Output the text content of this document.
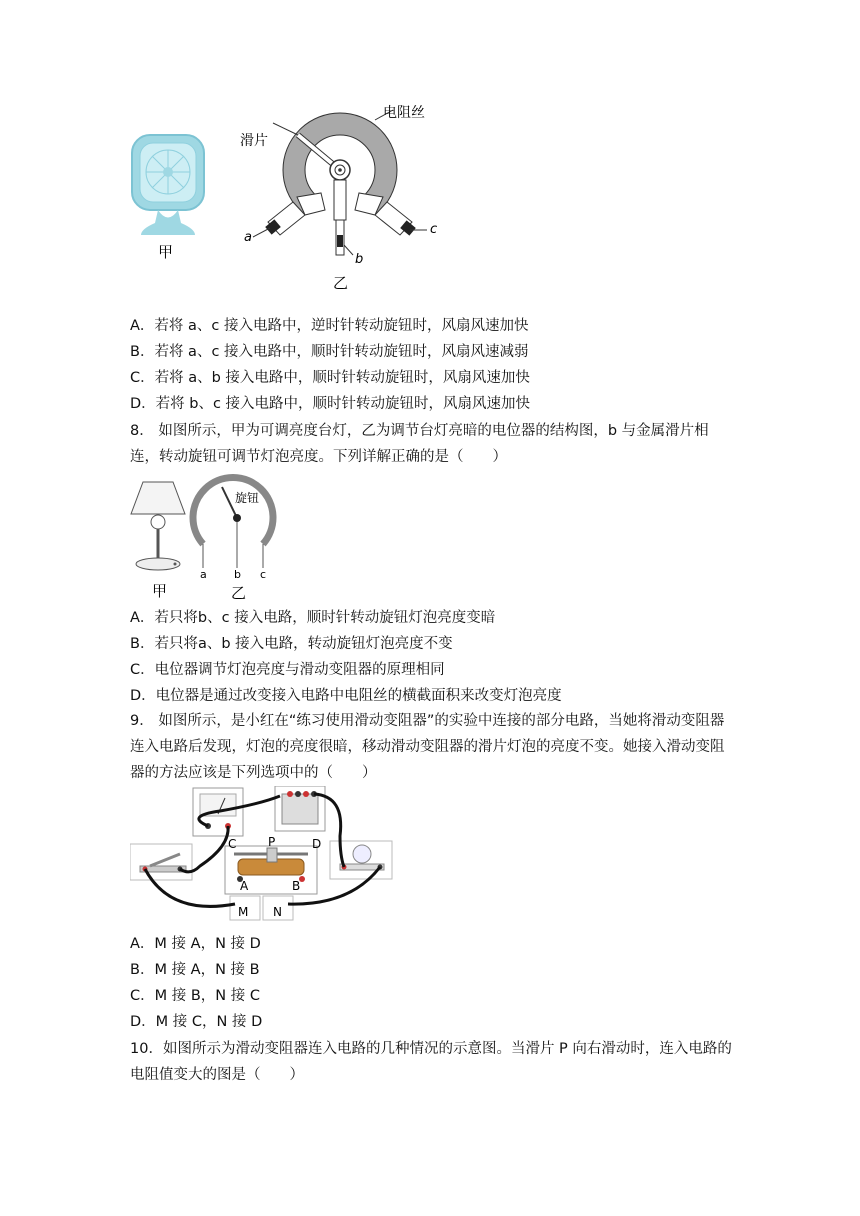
电阻丝
滑片
a
c
b
甲
乙
A．若将 a、c 接入电路中，逆时针转动旋钮时，风扇风速加快
B．若将 a、c 接入电路中，顺时针转动旋钮时，风扇风速减弱
C．若将 a、b 接入电路中，顺时针转动旋钮时，风扇风速加快
D．若将 b、c 接入电路中，顺时针转动旋钮时，风扇风速加快
8． 如图所示，甲为可调亮度台灯，乙为调节台灯亮暗的电位器的结构图，b 与金属滑片相连，转动旋钮可调节灯泡亮度。下列详解正确的是（　　）
旋钮
a b c
甲	乙
A．若只将b、c 接入电路，顺时针转动旋钮灯泡亮度变暗
B．若只将a、b 接入电路，转动旋钮灯泡亮度不变
C．电位器调节灯泡亮度与滑动变阻器的原理相同
D．电位器是通过改变接入电路中电阻丝的横截面积来改变灯泡亮度
9． 如图所示，是小红在“练习使用滑动变阻器”的实验中连接的部分电路，当她将滑动变阻器连入电路后发现，灯泡的亮度很暗，移动滑动变阻器的滑片灯泡的亮度不变。她接入滑动变阻器的方法应该是下列选项中的（　　）
C	P	D
A	B
M N
A．M 接 A，N 接 D
B．M 接 A，N 接 B
C．M 接 B，N 接 C
D．M 接 C，N 接 D
10．如图所示为滑动变阻器连入电路的几种情况的示意图。当滑片 P 向右滑动时，连入电路的电阻值变大的图是（　　）
